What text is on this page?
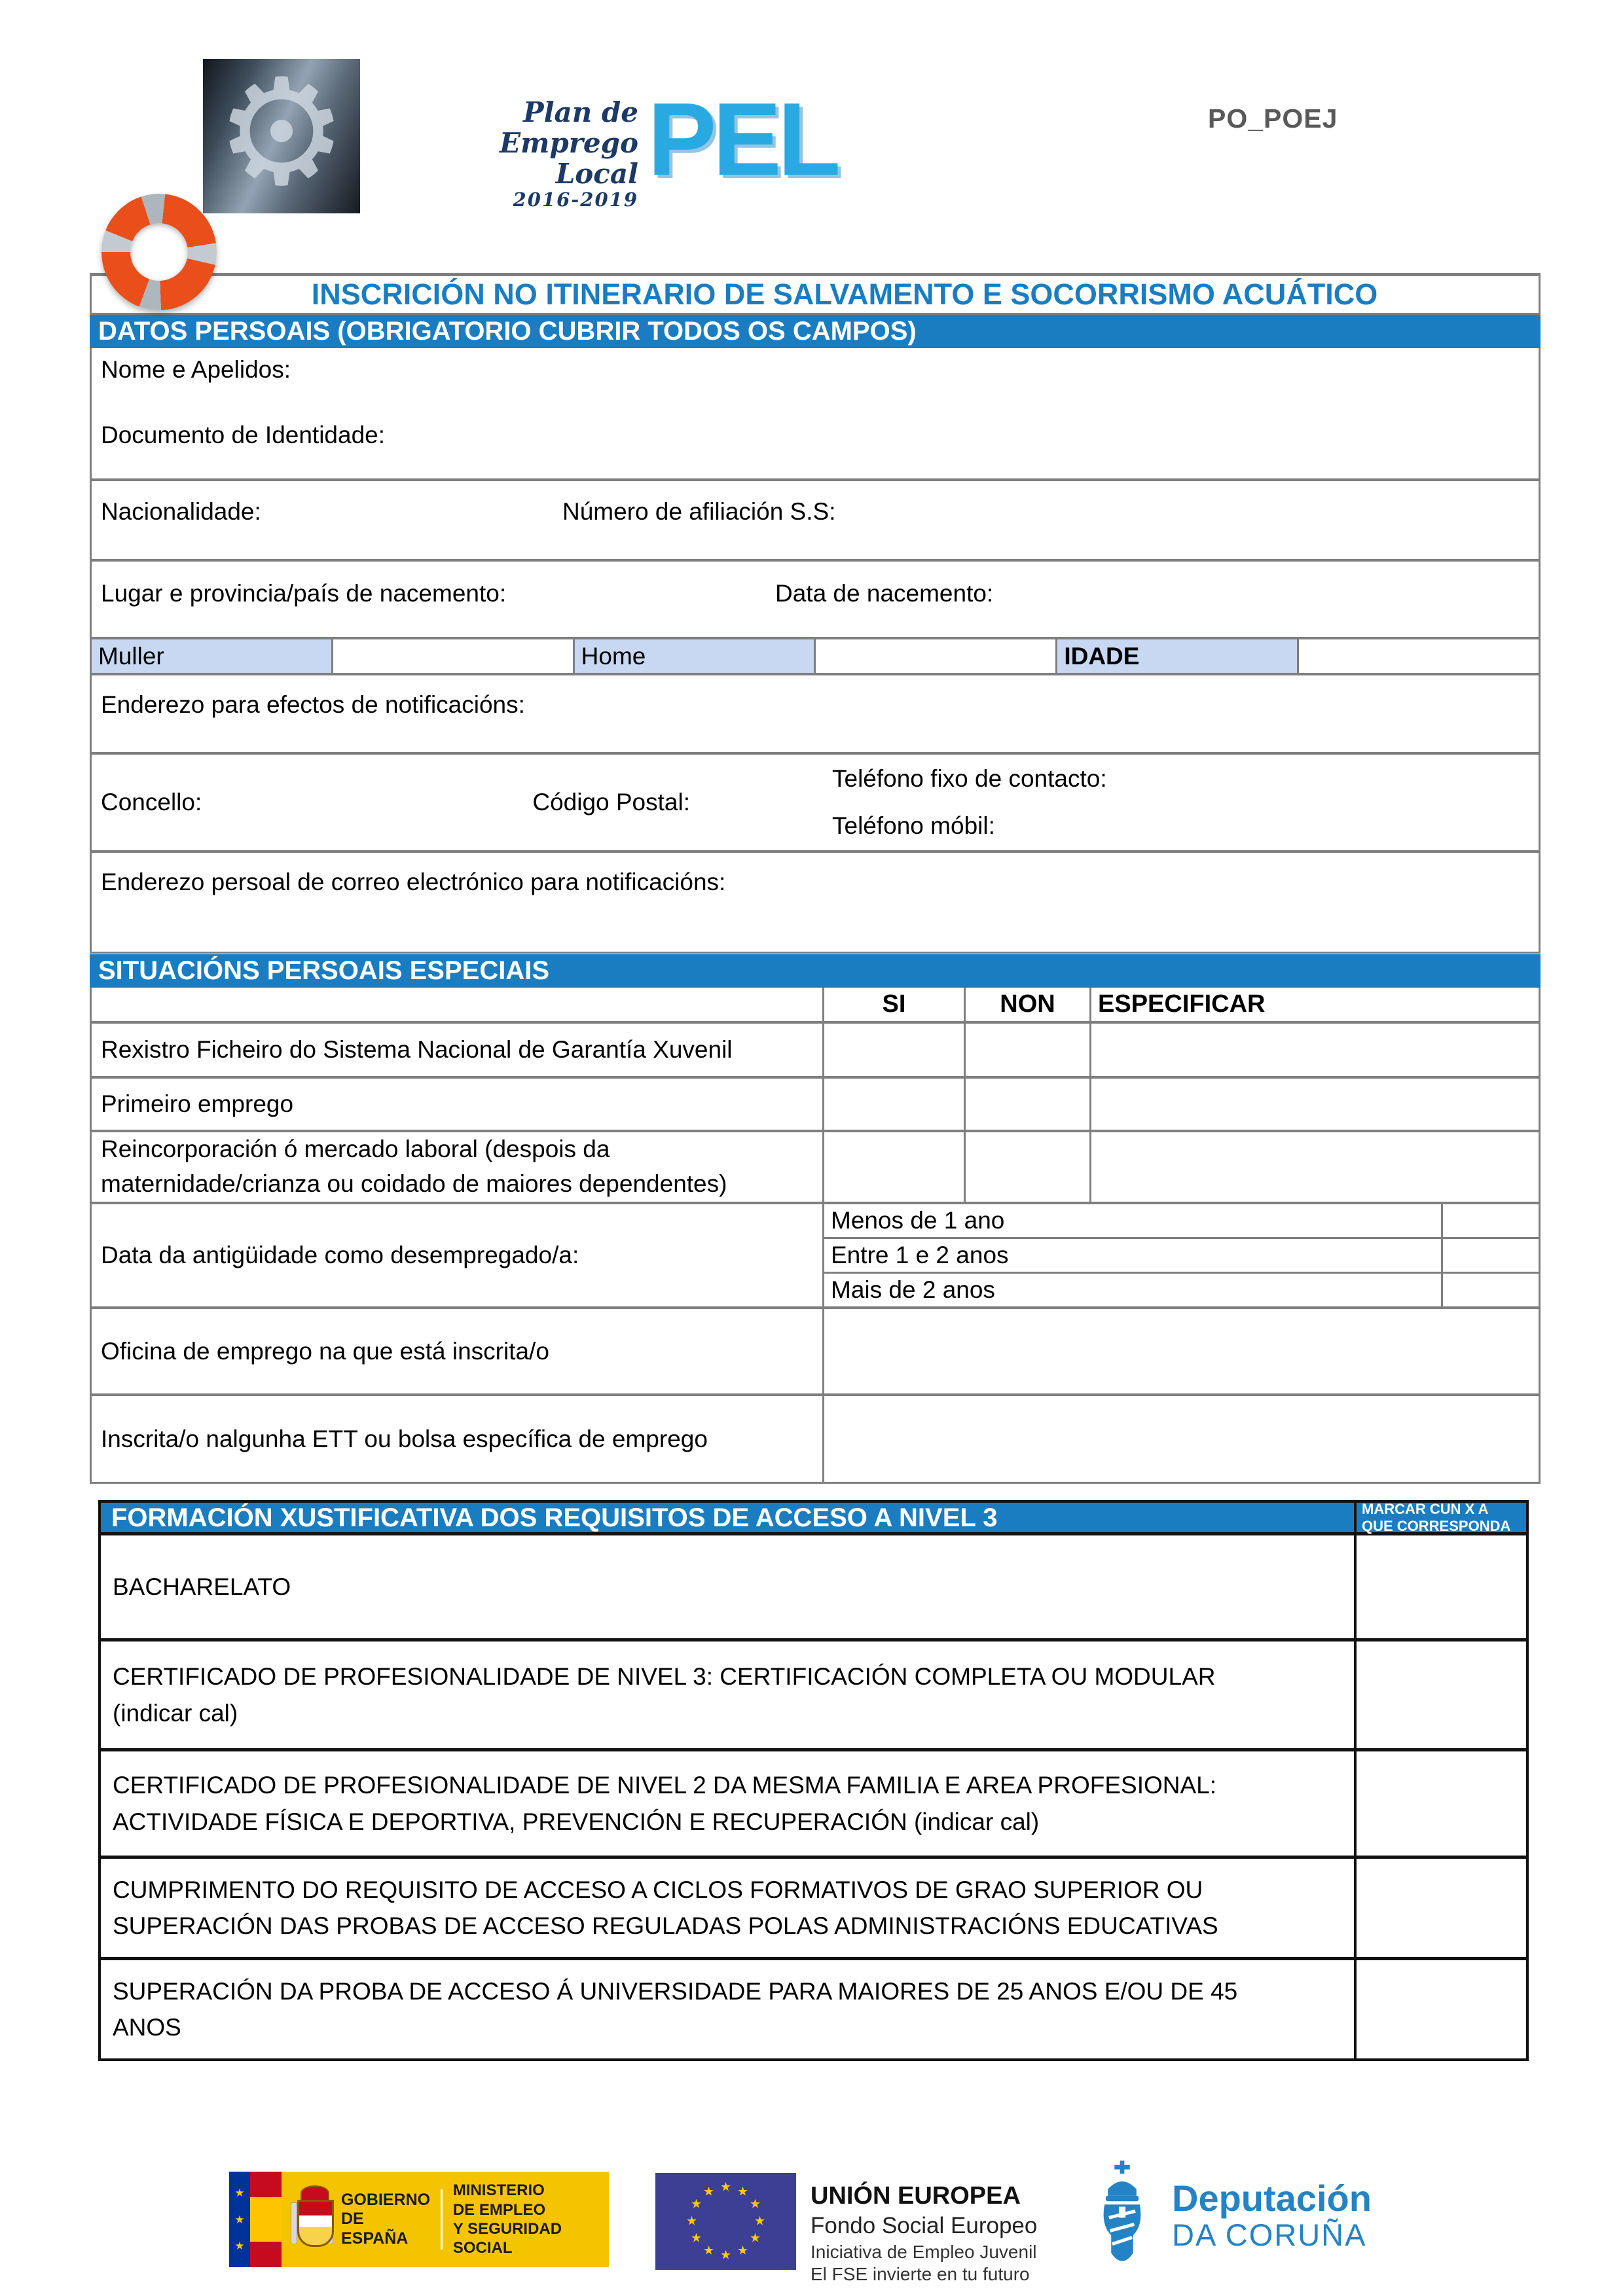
⚙	Plan de
Emprego Local
2016-2019
PEL	PO_POEJ
INSCRICIÓN NO ITINERARIO DE SALVAMENTO E SOCORRISMO ACUÁTICO
DATOS PERSOAIS (OBRIGATORIO CUBRIR TODOS OS CAMPOS)
Nome e Apelidos:
Documento de Identidade:
Nacionalidade:	Número de afiliación S.S:
Lugar e provincia/país de nacemento:	Data de nacemento:
Muller	Home	IDADE
Enderezo para efectos de notificacións:
Concello:	Código Postal:
Teléfono fixo de contacto:
Teléfono móbil:
Enderezo persoal de correo electrónico para notificacións:
SITUACIÓNS PERSOAIS ESPECIAIS
SI	NON	ESPECIFICAR
Rexistro Ficheiro do Sistema Nacional de Garantía Xuvenil
Primeiro emprego
Reincorporación ó mercado laboral (despois da maternidade/crianza ou coidado de maiores dependentes)
Data da antigüidade como desempregado/a:
Menos de 1 ano
Entre 1 e 2 anos
Mais de 2 anos
Oficina de emprego na que está inscrita/o
Inscrita/o nalgunha ETT ou bolsa específica de emprego
FORMACIÓN XUSTIFICATIVA DOS REQUISITOS DE ACCESO A NIVEL 3	MARCAR CUN X A QUE CORRESPONDA
BACHARELATO
CERTIFICADO DE PROFESIONALIDADE DE NIVEL 3: CERTIFICACIÓN COMPLETA OU MODULAR (indicar cal)
CERTIFICADO DE PROFESIONALIDADE DE NIVEL 2 DA MESMA FAMILIA E AREA PROFESIONAL: ACTIVIDADE FÍSICA E DEPORTIVA, PREVENCIÓN E RECUPERACIÓN (indicar cal)
CUMPRIMENTO DO REQUISITO DE ACCESO A CICLOS FORMATIVOS DE GRAO SUPERIOR OU SUPERACIÓN DAS PROBAS DE ACCESO REGULADAS POLAS ADMINISTRACIÓNS EDUCATIVAS
SUPERACIÓN DA PROBA DE ACCESO Á UNIVERSIDADE PARA MAIORES DE 25 ANOS E/OU DE 45 ANOS
★
★
★
GOBIERNO
DE ESPAÑA
MINISTERIO
DE EMPLEO
Y SEGURIDAD SOCIAL
★ ★
★
★
★
★
★
★
★
★
★
★	UNIÓN EUROPEA
Fondo Social Europeo
Iniciativa de Empleo Juvenil
El FSE invierte en tu futuro
Deputación
DA CORUÑA
